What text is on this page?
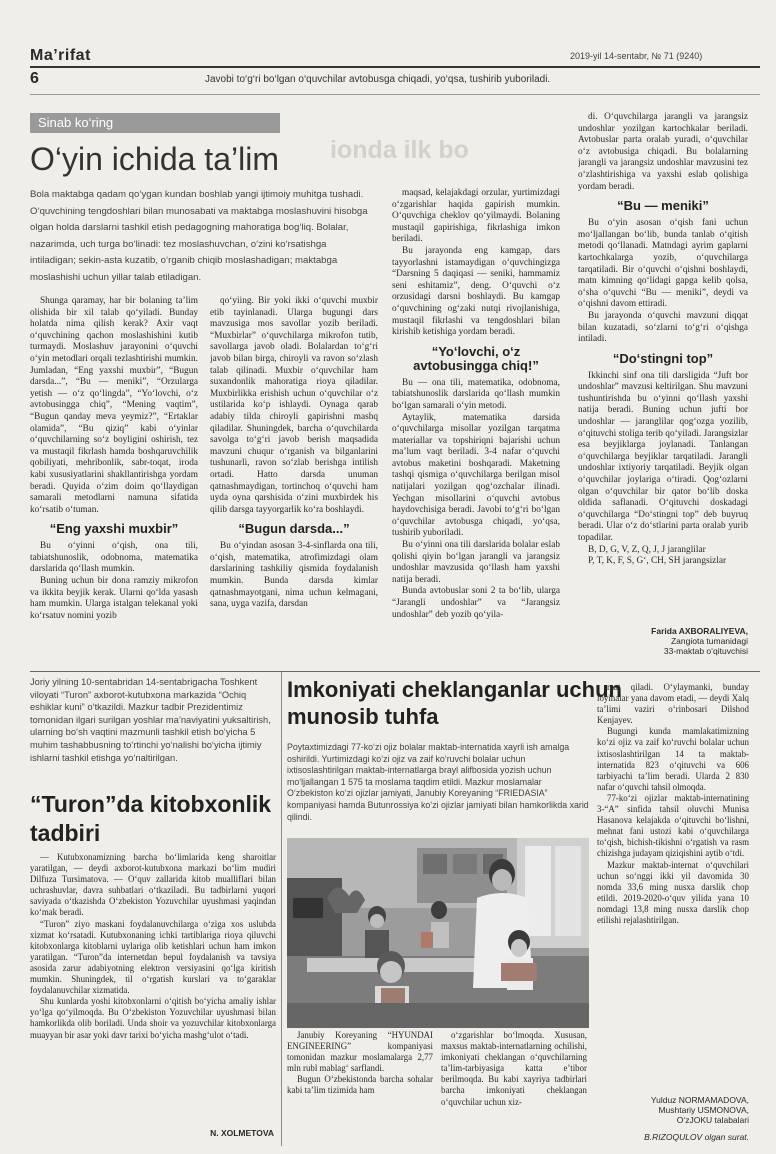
Ma’rifat	2019-yil 14-sentabr, № 71 (9240)
6	Javobi to‘g‘ri bo‘lgan o‘quvchilar avtobusga chiqadi, yo‘qsa, tushirib yuboriladi.
ionda ilk bo
Sinab ko‘ring
O‘yin ichida ta’lim

Bola maktabga qadam qo‘ygan kundan boshlab yangi ijtimoiy muhitga tushadi. O‘quvchining tengdoshlari bilan munosabati va maktabga moslashuvini hisobga olgan holda darslarni tashkil etish pedagogning mahoratiga bog‘liq. Bolalar, nazarimda, uch turga bo‘linadi: tez moslashuvchan, o‘zini ko‘rsatishga intiladigan; sekin-asta kuzatib, o‘rganib chiqib moslashadigan; maktabga moslashishi uchun yillar talab etiladigan.

Shunga qaramay, har bir bolaning ta’lim olishida bir xil talab qo‘yiladi. Bunday holatda nima qilish kerak? Axir vaqt o‘quvchining qachon moslashishini kutib turmaydi. Moslashuv jarayonini o‘quvchi o‘yin metodlari orqali tezlashtirishi mumkin. Jumladan, “Eng yaxshi muxbir”, “Bugun darsda...”, “Bu — meniki”, “Orzularga yetish — o‘z qo‘lingda”, “Yo‘lovchi, o‘z avtobusingga chiq”, “Mening vaqtim”, “Bugun qanday meva yeymiz?”, “Ertaklar olamida”, “Bu qiziq” kabi o‘yinlar o‘quvchilarning so‘z boyligini oshirish, tez va mustaqil fikrlash hamda boshqaruvchilik qobiliyati, mehribonlik, sabr-toqat, iroda kabi xususiyatlarini shakllantirishga yordam beradi. Quyida o‘zim doim qo‘llaydigan samarali metodlarni namuna sifatida ko‘rsatib o‘tuman.

“Eng yaxshi muxbir”

Bu o‘yinni o‘qish, ona tili, tabiatshunoslik, odobnoma, matematika darslarida qo‘llash mumkin.

Buning uchun bir dona ramziy mikrofon va ikkita beyjik kerak. Ularni qo‘lda yasash ham mumkin. Ularga istalgan telekanal yoki ko‘rsatuv nomini yozib

qo‘yiing. Bir yoki ikki o‘quvchi muxbir etib tayinlanadi. Ularga bugungi dars mavzusiga mos savollar yozib beriladi. “Muxbirlar” o‘quvchilarga mikrofon tutib, savollarga javob oladi. Bolalardan to‘g‘ri javob bilan birga, chiroyli va ravon so‘zlash talab qilinadi. Muxbir o‘quvchilar ham suxandonlik mahoratiga rioya qiladilar. Muxbirlikka erishish uchun o‘quvchilar o‘z ustilarida ko‘p ishlaydi. Oynaga qarab adabiy tilda chiroyli gapirishni mashq qiladilar. Shuningdek, barcha o‘quvchilarda savolga to‘g‘ri javob berish maqsadida mavzuni chuqur o‘rganish va bilganlarini tushunarli, ravon so‘zlab berishga intilish ortadi. Hatto darsda unuman qatnashmaydigan, tortinchoq o‘quvchi ham uyda oyna qarshisida o‘zini muxbirdek his qilib darsga tayyorgarlik ko‘ra boshlaydi.

“Bugun darsda...”

Bu o‘yindan asosan 3-4-sinflarda ona tili, o‘qish, matematika, atrofimizdagi olam darslarining tashkiliy qismida foydalanish mumkin. Bunda darsda kimlar qatnashmayotgani, nima uchun kelmagani, sana, uyga vazifa, darsdan

maqsad, kelajakdagi orzular, yurtimizdagi o‘zgarishlar haqida gapirish mumkin. O‘quvchiga cheklov qo‘yilmaydi. Bolaning mustaqil gapirishiga, fikrlashiga imkon beriladi.

Bu jarayonda eng kamgap, dars tayyorlashni istamaydigan o‘quvchingizga “Darsning 5 daqiqasi — seniki, hammamiz seni eshitamiz”, deng. O‘quvchi o‘z orzusidagi darsni boshlaydi. Bu kamgap o‘quvchining og‘zaki nutqi rivojlanishiga, mustaqil fikrlashi va tengdoshlari bilan kirishib ketishiga yordam beradi.

“Yo‘lovchi, o‘z avtobusingga chiq!”

Bu — ona tili, matematika, odobnoma, tabiatshunoslik darslarida qo‘llash mumkin bo‘lgan samarali o‘yin metodi.

Aytaylik, matematika darsida o‘quvchilarga misollar yozilgan tarqatma materiallar va topshiriqni bajarishi uchun ma’lum vaqt beriladi. 3-4 nafar o‘quvchi avtobus maketini boshqaradi. Maketning tashqi qismiga o‘quvchilarga berilgan misol natijalari yozilgan qog‘ozchalar ilinadi. Yechgan misollarini o‘quvchi avtobus haydovchisiga beradi. Javobi to‘g‘ri bo‘lgan o‘quvchilar avtobusga chiqadi, yo‘qsa, tushirib yuboriladi.

Bu o‘yinni ona tili darslarida bolalar eslab qolishi qiyin bo‘lgan jarangli va jarangsiz undoshlar mavzusida qo‘llash ham yaxshi natija beradi.

Bunda avtobuslar soni 2 ta bo‘lib, ularga “Jarangli undoshlar” va “Jarangsiz undoshlar” deb yozib qo‘yila-

di. O‘quvchilarga jarangli va jarangsiz undoshlar yozilgan kartochkalar beriladi. Avtobuslar parta oralab yuradi, o‘quvchilar o‘z avtobusiga chiqadi. Bu bolalarning jarangli va jarangsiz undoshlar mavzusini tez o‘zlashtirishiga va yaxshi eslab qolishiga yordam beradi.

“Bu — meniki”

Bu o‘yin asosan o‘qish fani uchun mo‘ljallangan bo‘lib, bunda tanlab o‘qitish metodi qo‘llanadi. Matndagi ayrim gaplarni kartochkalarga yozib, o‘quvchilarga tarqatiladi. Bir o‘quvchi o‘qishni boshlaydi, matn kimning qo‘lidagi gapga kelib qolsa, o‘sha o‘quvchi “Bu — meniki”, deydi va o‘qishni davom ettiradi.

Bu jarayonda o‘quvchi mavzuni diqqat bilan kuzatadi, so‘zlarni to‘g‘ri o‘qishga intiladi.

“Do‘stingni top”

Ikkinchi sinf ona tili darsligida “Juft bor undoshlar” mavzusi keltirilgan. Shu mavzuni tushuntirishda bu o‘yinni qo‘llash yaxshi natija beradi. Buning uchun jufti bor undoshlar — jaranglilar qog‘ozga yozilib, o‘qituvchi stoliga terib qo‘yiladi. Jarangsizlar esa beyjiklarga joylanadi. Tanlangan o‘quvchilarga beyjiklar tarqatiladi. Jarangli undoshlar ixtiyoriy tarqatiladi. Beyjik olgan o‘quvchilar joylariga o‘tiradi. Qog‘ozlarni olgan o‘quvchilar bir qator bo‘lib doska oldida saflanadi. O‘qituvchi doskadagi o‘quvchilarga “Do‘stingni top” deb buyruq beradi. Ular o‘z do‘stlarini parta oralab yurib topadilar.

B, D, G, V, Z, Q, J, J jaranglilar

P, T, K, F, S, G‘, CH, SH jarangsizlar

Farida AXBORALIYEVA,
Zangiota tumanidagi
33-maktab o‘qituvchisi
Joriy yilning 10-sentabridan 14-sentabrigacha Toshkent viloyati “Turon” axborot-kutubxona markazida “Ochiq eshiklar kuni” o‘tkazildi. Mazkur tadbir Prezidentimiz tomonidan ilgari surilgan yoshlar ma’naviyatini yuksaltirish, ularning bo‘sh vaqtini mazmunli tashkil etish bo‘yicha 5 muhim tashabbusning to‘rtinchi yo‘nalishi bo‘yicha ijtimiy ishlarni tashkil etishga yo‘naltirilgan.
“Turon”da kitobxonlik tadbiri

— Kutubxonamizning barcha bo‘limlarida keng sharoitlar yaratilgan, — deydi axborot-kutubxona markazi bo‘lim mudiri Dilfuza Tursimatova. — O‘quv zallarida kitob mualliflari bilan uchrashuvlar, davra suhbatlari o‘tkaziladi. Bu tadbirlarni yuqori saviyada o‘tkazishda O‘zbekiston Yozuvchilar uyushmasi yaqindan ko‘mak beradi.

“Turon” ziyo maskani foydalanuvchilarga o‘ziga xos uslubda xizmat ko‘rsatadi. Kutubxonaning ichki tartiblariga rioya qiluvchi kitobxonlarga kitoblarni uylariga olib ketishlari uchun ham imkon yaratilgan. “Turon”da internetdan bepul foydalanish va tavsiya asosida zarur adabiyotning elektron versiyasini qo‘lga kiritish mumkin. Shuningdek, til o‘rgatish kurslari va to‘garaklar foydalanuvchilar xizmatida.

Shu kunlarda yoshi kitobxonlarni o‘qitish bo‘yicha amaliy ishlar yo‘lga qo‘yilmoqda. Bu O‘zbekiston Yozuvchilar uyushmasi bilan hamkorlikda olib boriladi. Unda shoir va yozuvchilar kitobxonlarga muayyan bir asar yoki davr tarixi bo‘yicha mashg‘ulot o‘tadi.

N. XOLMETOVA
Imkoniyati cheklanganlar uchun munosib tuhfa

Poytaxtimizdagi 77-ko‘zi ojiz bolalar maktab-internatida xayrli ish amalga oshirildi. Yurtimizdagi ko‘zi ojiz va zaif ko‘ruvchi bolalar uchun ixtisoslashtirilgan maktab-internatlarga brayl alifbosida yozish uchun mo‘ljallangan 1 575 ta moslama taqdim etildi. Mazkur moslamalar O‘zbekiston ko‘zi ojizlar jamiyati, Janubiy Koreyaning “FRIEDASIA” kompaniyasi hamda Butunrossiya ko‘zi ojizlar jamiyati bilan hamkorlikda xarid qilindi.

Janubiy Koreyaning “HYUNDAI ENGINEERING” kompaniyasi tomonidan mazkur moslamalarga 2,77 mln rubl mablag‘ sarflandi.

Bugun O‘zbekistonda barcha sohalar kabi ta’lim tizimida ham

o‘zgarishlar bo‘lmoqda. Xususan, maxsus maktab-internatlarning ochilishi, imkoniyati cheklangan o‘quvchilarning ta’lim-tarbiyasiga katta e’tibor berilmoqda. Bu kabi xayriya tadbirlari barcha imkoniyati cheklangan o‘quvchilar uchun xiz-

mat qiladi. O‘ylaymanki, bunday loyihalar yana davom etadi, — deydi Xalq ta’limi vaziri o‘rinbosari Dilshod Kenjayev.

Bugungi kunda mamlakatimizning ko‘zi ojiz va zaif ko‘ruvchi bolalar uchun ixtisoslashtirilgan 14 ta maktab-internatida 823 o‘qituvchi va 606 tarbiyachi ta’lim beradi. Ularda 2 830 nafar o‘quvchi tahsil olmoqda.

77-ko‘zi ojizlar maktab-internatining 3-“A” sinfida tahsil oluvchi Munisa Hasanova kelajakda o‘qituvchi bo‘lishni, mehnat fani ustozi kabi o‘quvchilarga to‘qish, bichish-tikishni o‘rgatish va rasm chizishga judayam qiziqishini aytib o‘tdi.

Mazkur maktab-internat o‘quvchilari uchun so‘nggi ikki yil davomida 30 nomda 33,6 ming nusxa darslik chop etildi. 2019-2020-o‘quv yilida yana 10 nomdagi 13,8 ming nusxa darslik chop etilishi rejalashtirilgan.

Yulduz NORMAMADOVA,
Mushtariy USMONOVA,
O‘zJOKU talabalari
B.RIZOQULOV olgan surat.
